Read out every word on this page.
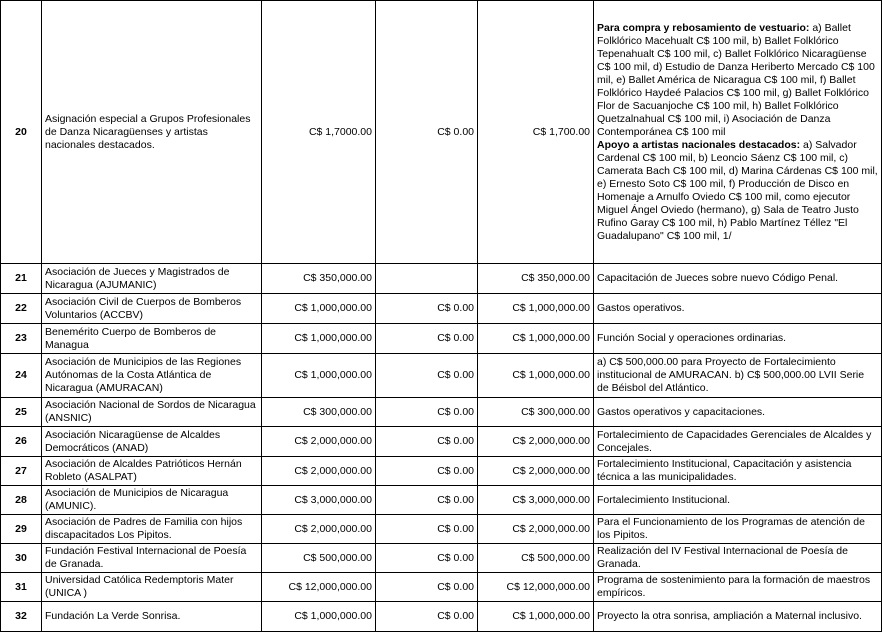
20	Asignación especial a Grupos Profesionales de Danza Nicaragüenses y artistas nacionales destacados.	C$ 1,7000.00	C$ 0.00	C$ 1,700.00	Para compra y rebosamiento de vestuario: a) Ballet Folklórico Macehualt C$ 100 mil, b) Ballet Folklórico Tepenahualt C$ 100 mil, c) Ballet Folklórico Nicaragüense C$ 100 mil, d) Estudio de Danza Heriberto Mercado C$ 100 mil, e) Ballet América de Nicaragua C$ 100 mil, f) Ballet Folklórico Haydeé Palacios C$ 100 mil, g) Ballet Folklórico Flor de Sacuanjoche C$ 100 mil, h) Ballet Folklórico Quetzalnahual C$ 100 mil, i) Asociación de Danza Contemporánea C$ 100 mil
Apoyo a artistas nacionales destacados: a) Salvador Cardenal C$ 100 mil, b) Leoncio Sáenz C$ 100 mil, c) Camerata Bach C$ 100 mil, d) Marina Cárdenas C$ 100 mil, e) Ernesto Soto C$ 100 mil, f) Producción de Disco en Homenaje a Arnulfo Oviedo C$ 100 mil, como ejecutor Miguel Ángel Oviedo (hermano), g) Sala de Teatro Justo Rufino Garay C$ 100 mil, h) Pablo Martínez Téllez "El Guadalupano" C$ 100 mil, 1/
21	Asociación de Jueces y Magistrados de Nicaragua (AJUMANIC)	C$ 350,000.00		C$ 350,000.00	Capacitación de Jueces sobre nuevo Código Penal.
22	Asociación Civil de Cuerpos de Bomberos Voluntarios (ACCBV)	C$ 1,000,000.00	C$ 0.00	C$ 1,000,000.00	Gastos operativos.
23	Benemérito Cuerpo de Bomberos de Managua	C$ 1,000,000.00	C$ 0.00	C$ 1,000,000.00	Función Social y operaciones ordinarias.
24	Asociación de Municipios de las Regiones Autónomas de la Costa Atlántica de Nicaragua (AMURACAN)	C$ 1,000,000.00	C$ 0.00	C$ 1,000,000.00	a) C$ 500,000.00 para Proyecto de Fortalecimiento institucional de AMURACAN. b) C$ 500,000.00 LVII Serie de Béisbol del Atlántico.
25	Asociación Nacional de Sordos de Nicaragua (ANSNIC)	C$ 300,000.00	C$ 0.00	C$ 300,000.00	Gastos operativos y capacitaciones.
26	Asociación Nicaragüense de Alcaldes Democráticos (ANAD)	C$ 2,000,000.00	C$ 0.00	C$ 2,000,000.00	Fortalecimiento de Capacidades Gerenciales de Alcaldes y Concejales.
27	Asociación de Alcaldes Patrióticos Hernán Robleto (ASALPAT)	C$ 2,000,000.00	C$ 0.00	C$ 2,000,000.00	Fortalecimiento Institucional, Capacitación y asistencia técnica a las municipalidades.
28	Asociación de Municipios de Nicaragua (AMUNIC).	C$ 3,000,000.00	C$ 0.00	C$ 3,000,000.00	Fortalecimiento Institucional.
29	Asociación de Padres de Familia con hijos discapacitados Los Pipitos.	C$ 2,000,000.00	C$ 0.00	C$ 2,000,000.00	Para el Funcionamiento de los Programas de atención de los Pipitos.
30	Fundación Festival Internacional de Poesía de Granada.	C$ 500,000.00	C$ 0.00	C$ 500,000.00	Realización del IV Festival Internacional de Poesía de Granada.
31	Universidad Católica Redemptoris Mater (UNICA )	C$ 12,000,000.00	C$ 0.00	C$ 12,000,000.00	Programa de sostenimiento para la formación de maestros empíricos.
32	Fundación La Verde Sonrisa.	C$ 1,000,000.00	C$ 0.00	C$ 1,000,000.00	Proyecto la otra sonrisa, ampliación a Maternal inclusivo.
